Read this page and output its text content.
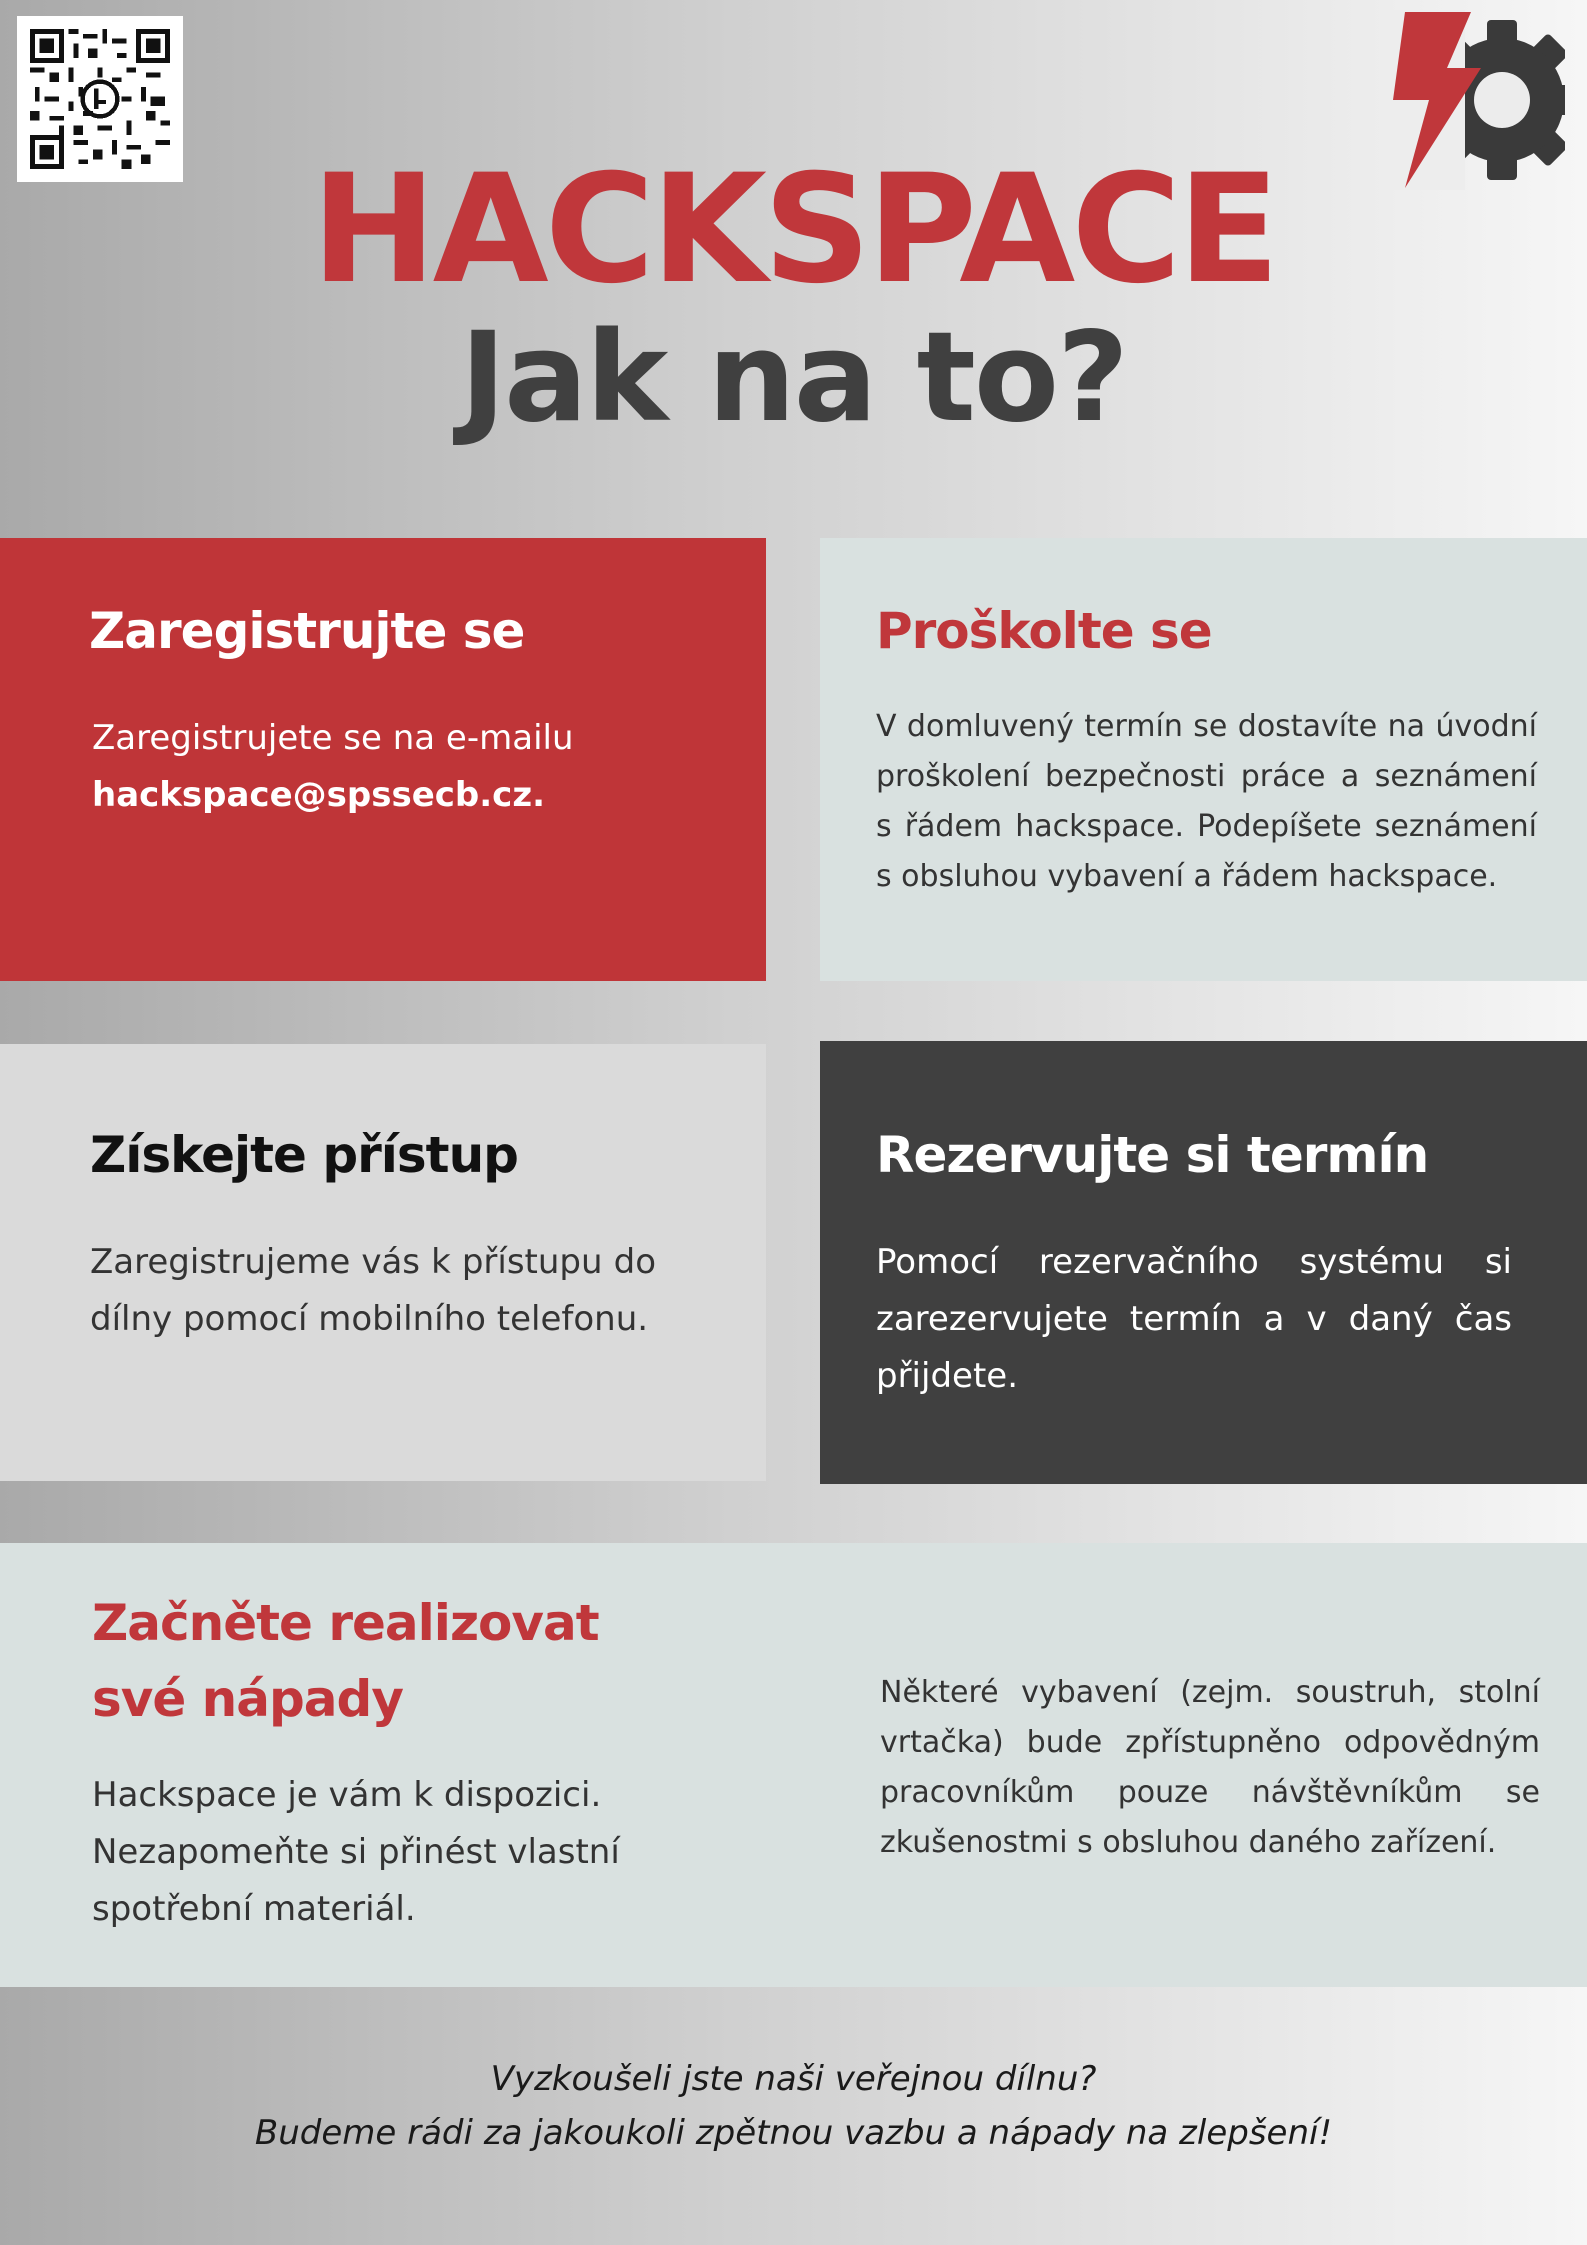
HACKSPACE
Jak na to?
Zaregistrujte se

Zaregistrujete se na e-mailu
hackspace@spssecb.cz.

Proškolte se

V domluvený termín se dostavíte na úvodní proškolení bezpečnosti práce a seznámení s řádem hackspace. Podepíšete seznámení s obsluhou vybavení a řádem hackspace.

Získejte přístup

Zaregistrujeme vás k přístupu do dílny pomocí mobilního telefonu.

Rezervujte si termín

Pomocí rezervačního systému si zarezervujete termín a v daný čas přijdete.

Začněte realizovat
své nápady

Hackspace je vám k dispozici. Nezapomeňte si přinést vlastní spotřební materiál.

Některé vybavení (zejm. soustruh, stolní vrtačka) bude zpřístupněno odpovědným pracovníkům pouze návštěvníkům se zkušenostmi s obsluhou daného zařízení.

Vyzkoušeli jste naši veřejnou dílnu?
Budeme rádi za jakoukoli zpětnou vazbu a nápady na zlepšení!
